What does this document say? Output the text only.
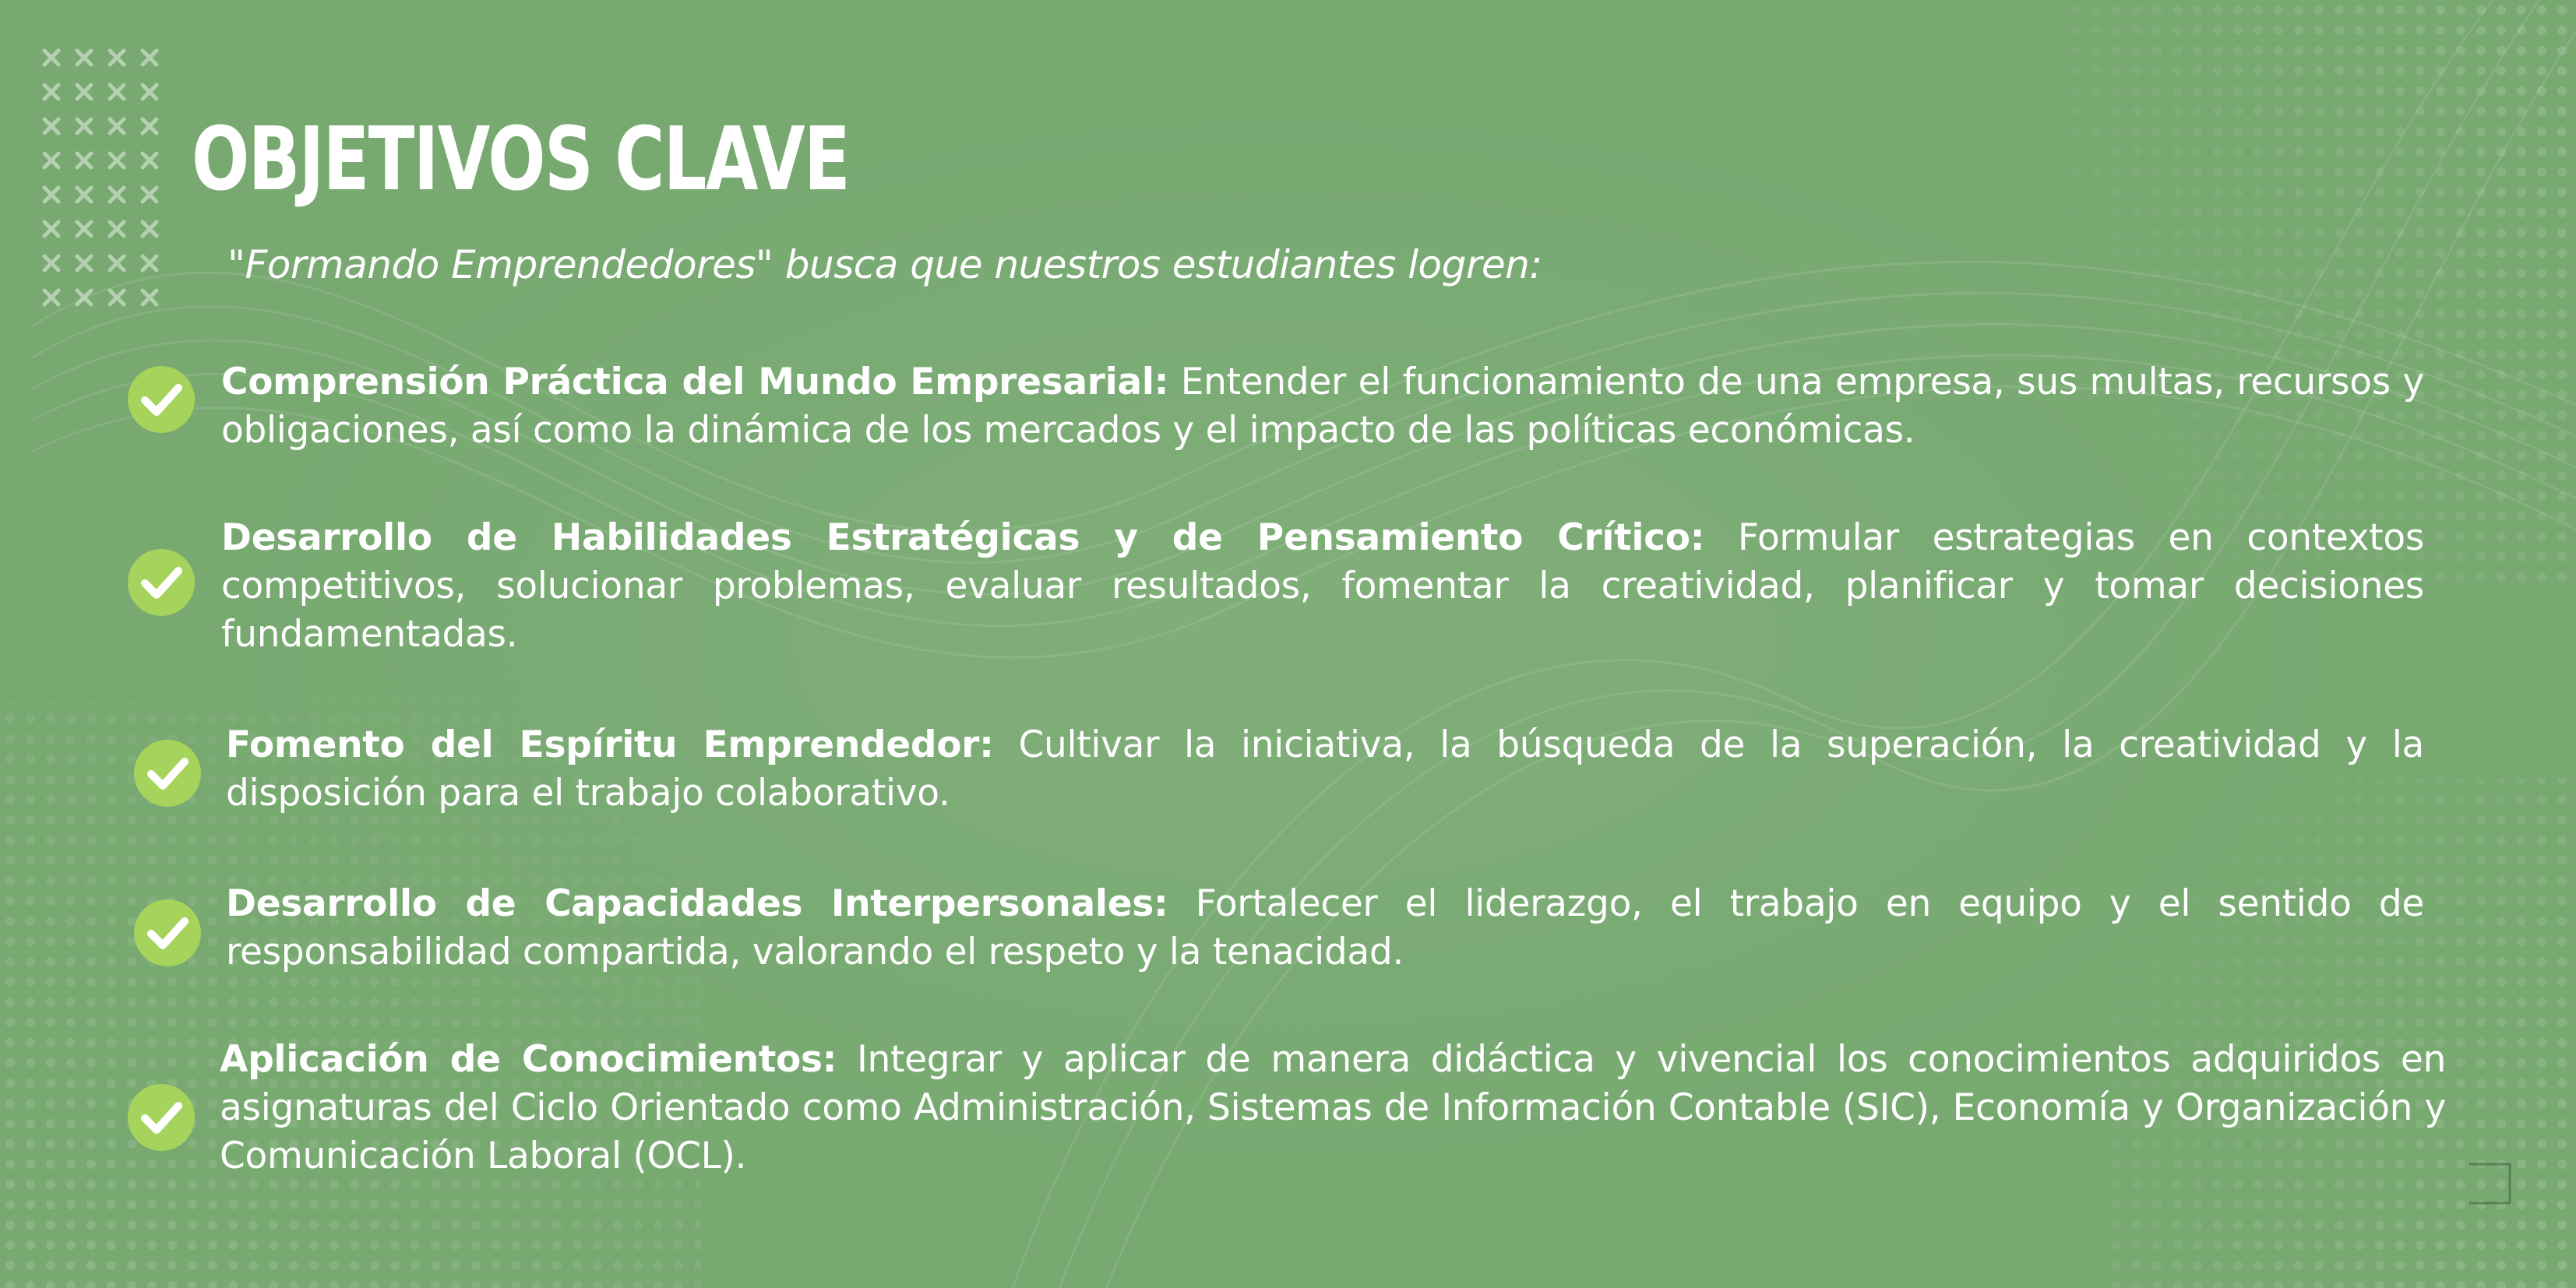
OBJETIVOS CLAVE
"Formando Emprendedores" busca que nuestros estudiantes logren:
Comprensión Práctica del Mundo Empresarial: Entender el funcionamiento de una empresa, sus multas, recursos y obligaciones, así como la dinámica de los mercados y el impacto de las políticas económicas.
Desarrollo de Habilidades Estratégicas y de Pensamiento Crítico: Formular estrategias en contextos competitivos, solucionar problemas, evaluar resultados, fomentar la creatividad, planificar y tomar decisiones fundamentadas.
Fomento del Espíritu Emprendedor: Cultivar la iniciativa, la búsqueda de la superación, la creatividad y la disposición para el trabajo colaborativo.
Desarrollo de Capacidades Interpersonales: Fortalecer el liderazgo, el trabajo en equipo y el sentido de responsabilidad compartida, valorando el respeto y la tenacidad.
Aplicación de Conocimientos: Integrar y aplicar de manera didáctica y vivencial los conocimientos adquiridos en asignaturas del Ciclo Orientado como Administración, Sistemas de Información Contable (SIC), Economía y Organización y Comunicación Laboral (OCL).
